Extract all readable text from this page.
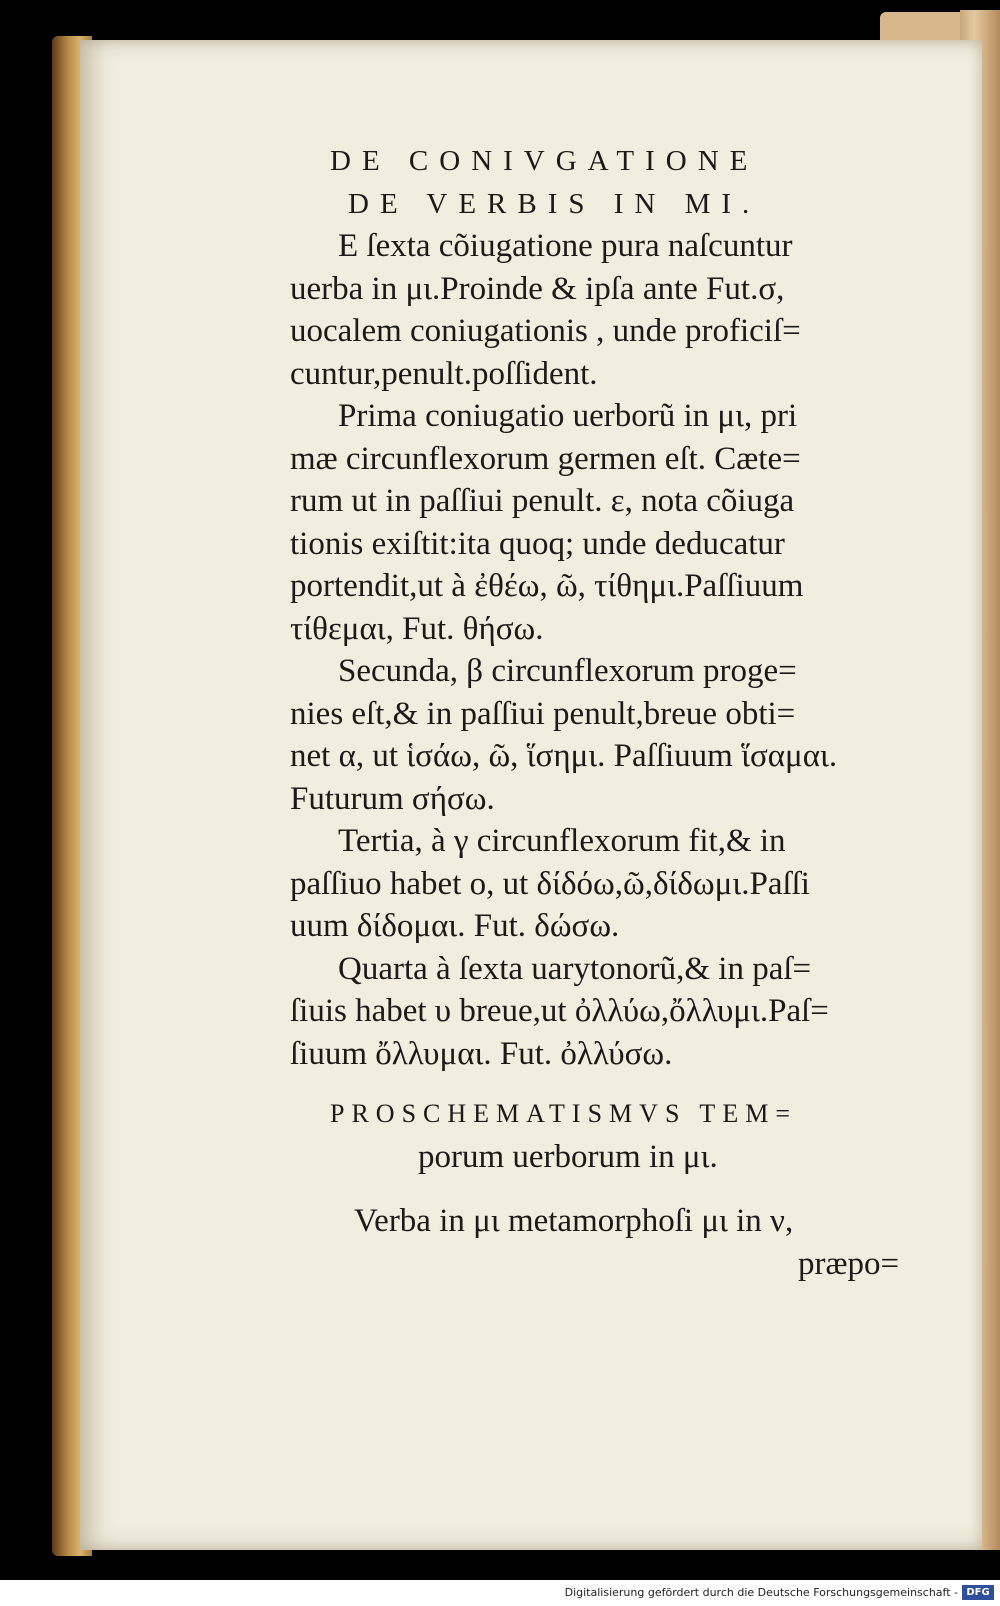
DE CONIVGATIONE
DE VERBIS IN MI.
E ſexta cõiugatione pura naſcuntur
uerba in μι.Proinde & ipſa ante Fut.σ,
uocalem coniugationis , unde proficiſ=
cuntur,penult.poſſident.
Prima coniugatio uerborũ in μι, pri
mæ circunflexorum germen eſt. Cæte=
rum ut in paſſiui penult. ε, nota cõiuga
tionis exiſtit:ita quoq; unde deducatur
portendit,ut à ἐθέω, ῶ, τίθημι.Paſſiuum
τίθεμαι, Fut. θήσω.
Secunda, β circunflexorum proge=
nies eſt,& in paſſiui penult,breue obti=
net α, ut ἱσάω, ῶ, ἵσημι. Paſſiuum ἵσαμαι.
Futurum σήσω.
Tertia, à γ circunflexorum fit,& in
paſſiuo habet ο, ut δίδόω,ῶ,δίδωμι.Paſſi
uum δίδομαι. Fut. δώσω.
Quarta à ſexta uarytonorũ,& in paſ=
ſiuis habet υ breue,ut ὀλλύω,ὄλλυμι.Paſ=
ſiuum ὄλλυμαι. Fut. ὀλλύσω.
PROSCHEMATISMVS TEM=
porum uerborum in μι.
Verba in μι metamorphoſi μι in ν,
præpo=
Digitalisierung gefördert durch die Deutsche Forschungsgemeinschaft - DFG
